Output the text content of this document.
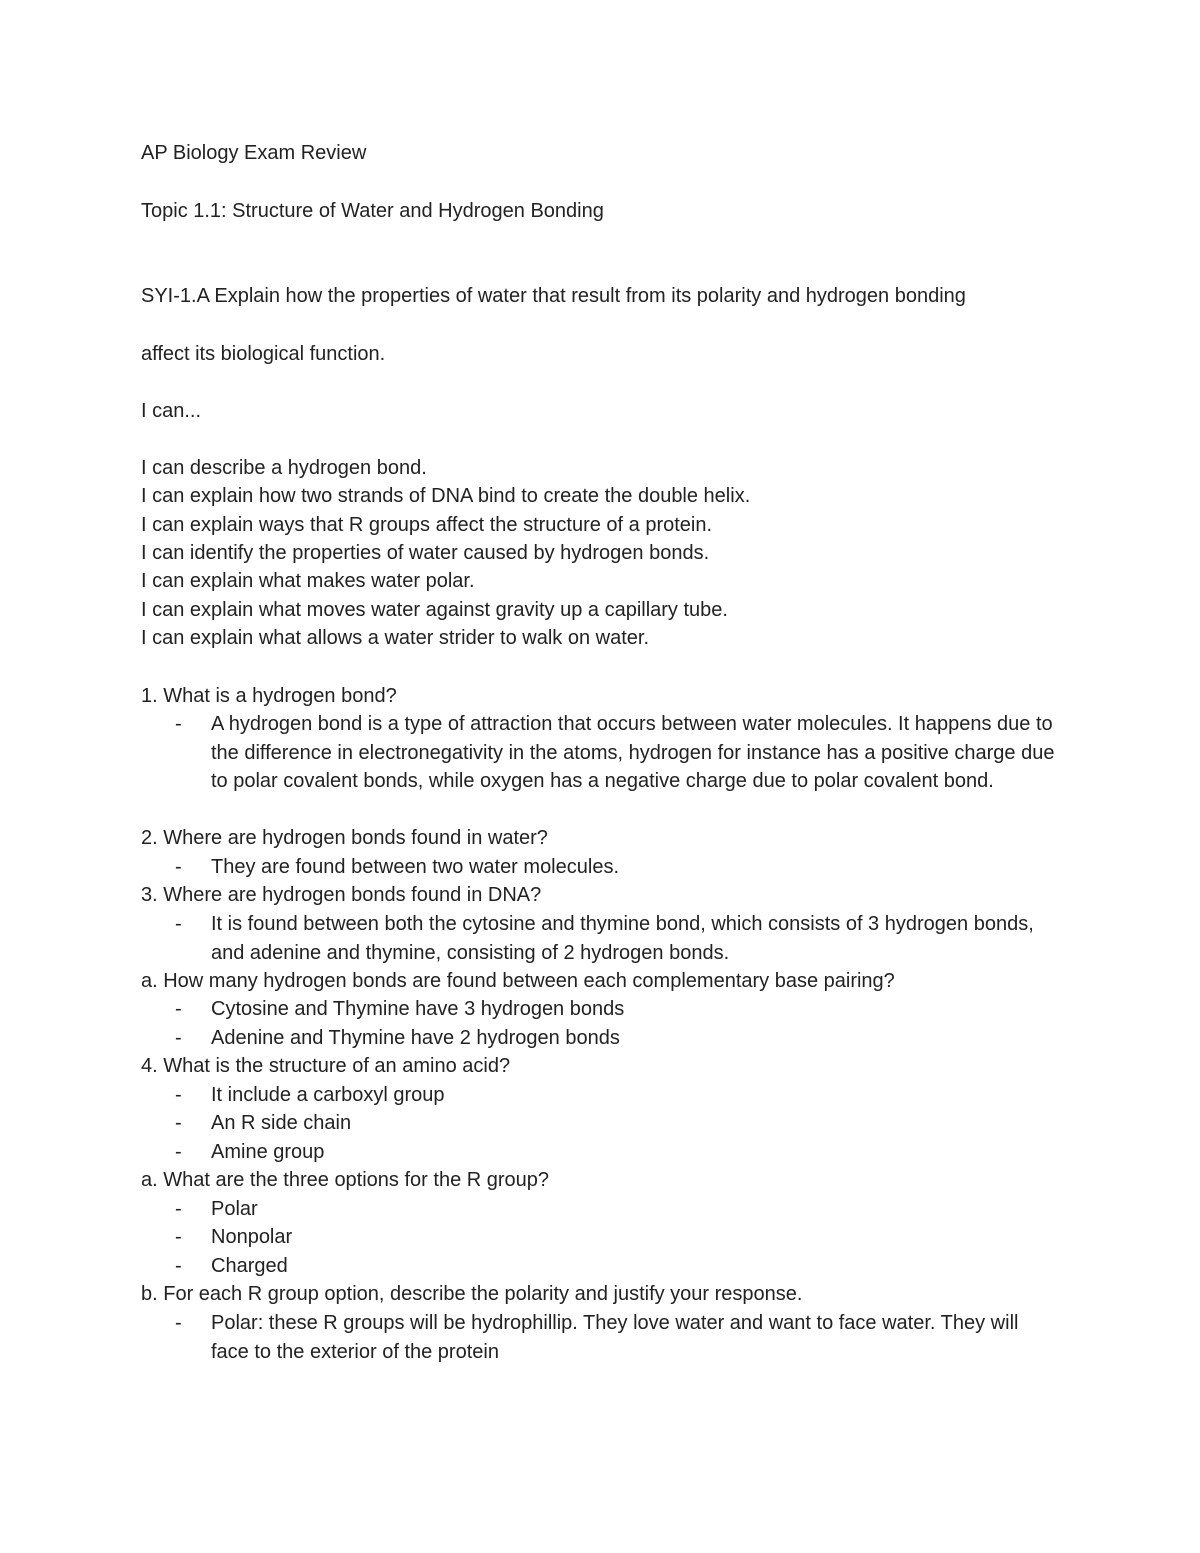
AP Biology Exam Review
Topic 1.1: Structure of Water and Hydrogen Bonding
SYI-1.A Explain how the properties of water that result from its polarity and hydrogen bonding
affect its biological function.
I can...
I can describe a hydrogen bond.
I can explain how two strands of DNA bind to create the double helix.
I can explain ways that R groups affect the structure of a protein.
I can identify the properties of water caused by hydrogen bonds.
I can explain what makes water polar.
I can explain what moves water against gravity up a capillary tube.
I can explain what allows a water strider to walk on water.
1. What is a hydrogen bond?
- A hydrogen bond is a type of attraction that occurs between water molecules. It happens due to the difference in electronegativity in the atoms, hydrogen for instance has a positive charge due to polar covalent bonds, while oxygen has a negative charge due to polar covalent bond.
2. Where are hydrogen bonds found in water?
- They are found between two water molecules.
3. Where are hydrogen bonds found in DNA?
- It is found between both the cytosine and thymine bond, which consists of 3 hydrogen bonds, and adenine and thymine, consisting of 2 hydrogen bonds.
a. How many hydrogen bonds are found between each complementary base pairing?
- Cytosine and Thymine have 3 hydrogen bonds
- Adenine and Thymine have 2 hydrogen bonds
4. What is the structure of an amino acid?
- It include a carboxyl group
- An R side chain
- Amine group
a. What are the three options for the R group?
- Polar
- Nonpolar
- Charged
b. For each R group option, describe the polarity and justify your response.
- Polar: these R groups will be hydrophillip. They love water and want to face water. They will face to the exterior of the protein
